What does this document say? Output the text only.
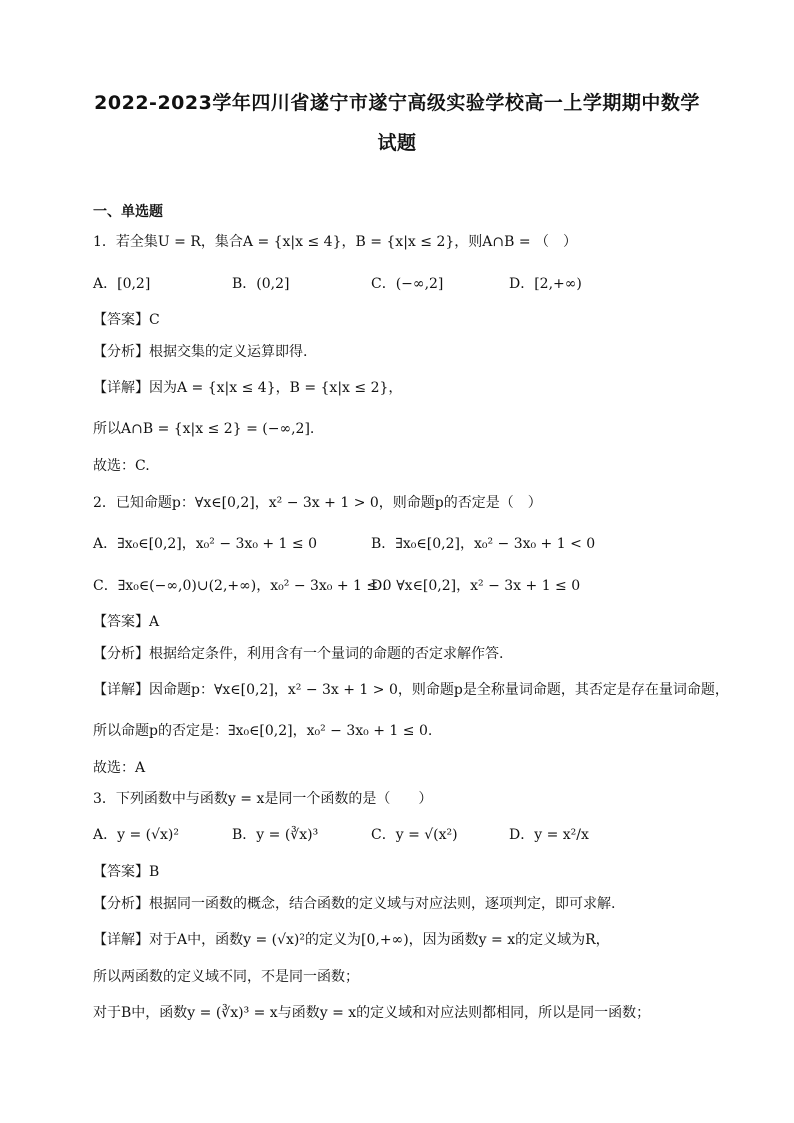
2022-2023学年四川省遂宁市遂宁高级实验学校高一上学期期中数学
试题
一、单选题
1．若全集U = R，集合A = {x|x ≤ 4}，B = {x|x ≤ 2}，则A∩B = （　）
A．[0,2]	B．(0,2]	C．(−∞,2]	D．[2,+∞)
【答案】C
【分析】根据交集的定义运算即得.
【详解】因为A = {x|x ≤ 4}，B = {x|x ≤ 2}，
所以A∩B = {x|x ≤ 2} = (−∞,2].
故选：C.
2．已知命题p：∀x∈[0,2]，x² − 3x + 1 > 0，则命题p的否定是（　）
A．∃x₀∈[0,2]，x₀² − 3x₀ + 1 ≤ 0	B．∃x₀∈[0,2]，x₀² − 3x₀ + 1 < 0
C．∃x₀∈(−∞,0)∪(2,+∞)，x₀² − 3x₀ + 1 ≤ 0
D．∀x∈[0,2]，x² − 3x + 1 ≤ 0
【答案】A
【分析】根据给定条件，利用含有一个量词的命题的否定求解作答.
【详解】因命题p：∀x∈[0,2]，x² − 3x + 1 > 0，则命题p是全称量词命题，其否定是存在量词命题，
所以命题p的否定是：∃x₀∈[0,2]，x₀² − 3x₀ + 1 ≤ 0.
故选：A
3．下列函数中与函数y = x是同一个函数的是（　　）
A．y = (√x)²	B．y = (∛x)³	C．y = √(x²)	D．y = x²/x
【答案】B
【分析】根据同一函数的概念，结合函数的定义域与对应法则，逐项判定，即可求解.
【详解】对于A中，函数y = (√x)²的定义为[0,+∞)，因为函数y = x的定义域为R，
所以两函数的定义域不同，不是同一函数；
对于B中，函数y = (∛x)³ = x与函数y = x的定义域和对应法则都相同，所以是同一函数；
